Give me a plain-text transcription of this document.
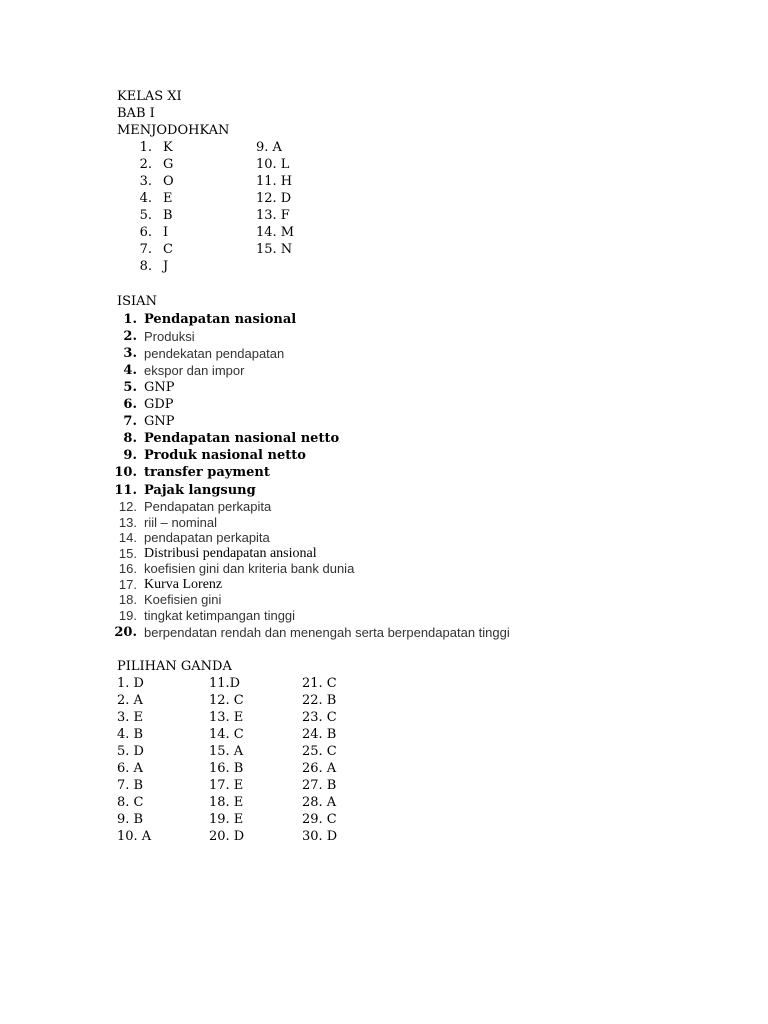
KELAS XI
BAB I
MENJODOHKAN
1. K
2. G
3. O
4. E
5. B
6. I
7. C
8. J
9. A
10. L
11. H
12. D
13. F
14. M
15. N
ISIAN
1. Pendapatan nasional
2. Produksi
3. pendekatan pendapatan
4. ekspor dan impor
5. GNP
6. GDP
7. GNP
8. Pendapatan nasional netto
9. Produk nasional netto
10. transfer payment
11. Pajak langsung
12. Pendapatan perkapita
13. riil – nominal
14. pendapatan perkapita
15. Distribusi pendapatan ansional
16. koefisien gini dan kriteria bank dunia
17. Kurva Lorenz
18. Koefisien gini
19. tingkat ketimpangan tinggi
20. berpendatan rendah dan menengah serta berpendapatan tinggi
PILIHAN GANDA
1. D
2. A
3. E
4. B
5. D
6. A
7. B
8. C
9. B
10. A
11.D
12. C
13. E
14. C
15. A
16. B
17. E
18. E
19. E
20. D
21. C
22. B
23. C
24. B
25. C
26. A
27. B
28. A
29. C
30. D
